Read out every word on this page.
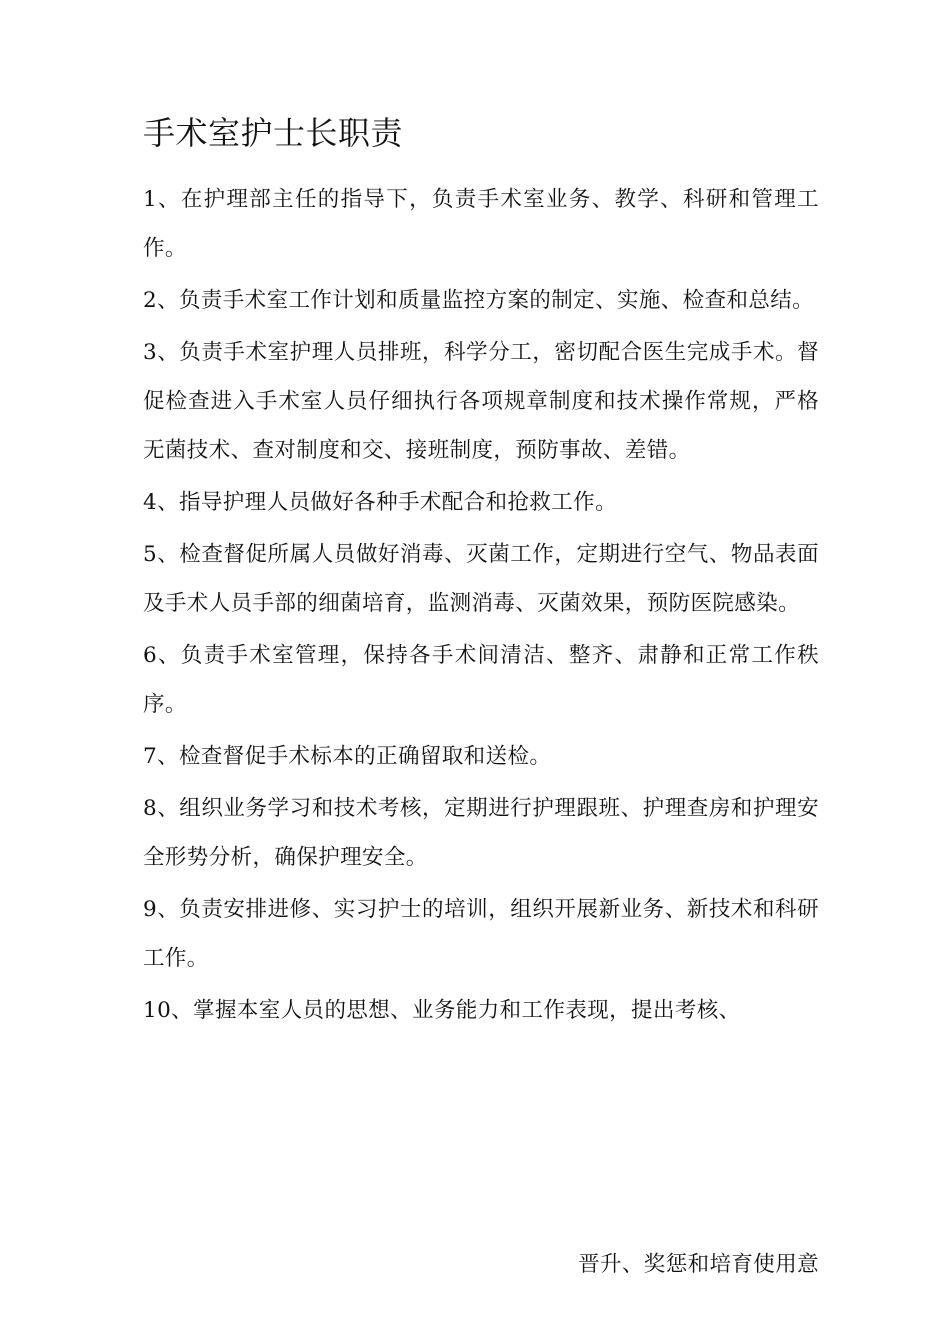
手术室护士长职责

1、在护理部主任的指导下，负责手术室业务、教学、科研和管理工作。

2、负责手术室工作计划和质量监控方案的制定、实施、检查和总结。

3、负责手术室护理人员排班，科学分工，密切配合医生完成手术。督促检查进入手术室人员仔细执行各项规章制度和技术操作常规，严格无菌技术、查对制度和交、接班制度，预防事故、差错。

4、指导护理人员做好各种手术配合和抢救工作。

5、检查督促所属人员做好消毒、灭菌工作，定期进行空气、物品表面及手术人员手部的细菌培育，监测消毒、灭菌效果，预防医院感染。

6、负责手术室管理，保持各手术间清洁、整齐、肃静和正常工作秩序。

7、检查督促手术标本的正确留取和送检。

8、组织业务学习和技术考核，定期进行护理跟班、护理查房和护理安全形势分析，确保护理安全。

9、负责安排进修、实习护士的培训，组织开展新业务、新技术和科研工作。

10、掌握本室人员的思想、业务能力和工作表现，提出考核、

晋升、奖惩和培育使用意
